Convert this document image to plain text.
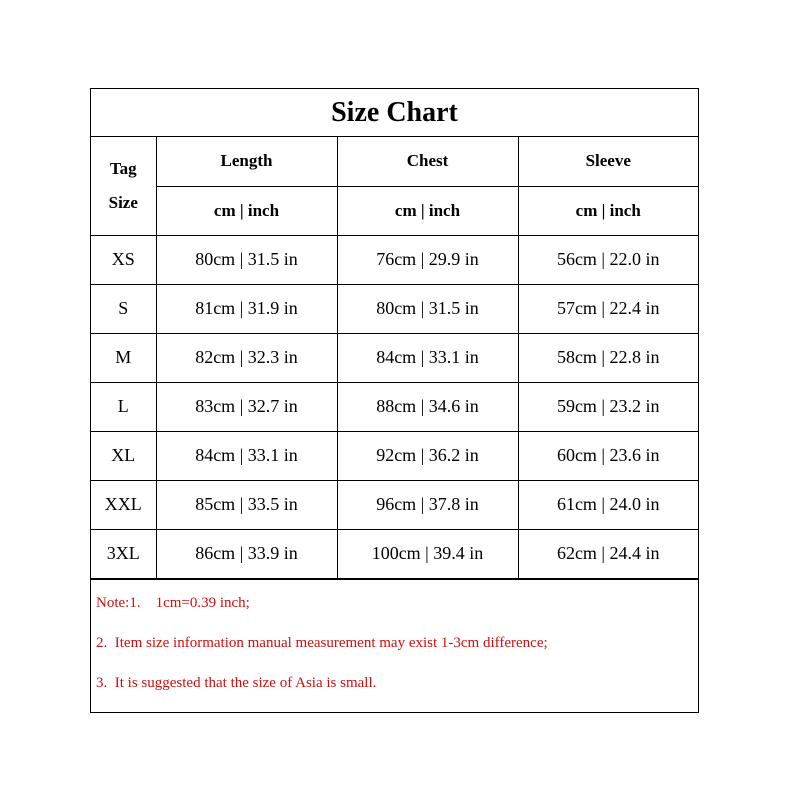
Size Chart
Tag
Size	Length	Chest	Sleeve
	cm | inch	cm | inch	cm | inch
XS	80cm | 31.5 in	76cm | 29.9 in	56cm | 22.0 in
S	81cm | 31.9 in	80cm | 31.5 in	57cm | 22.4 in
M	82cm | 32.3 in	84cm | 33.1 in	58cm | 22.8 in
L	83cm | 32.7 in	88cm | 34.6 in	59cm | 23.2 in
XL	84cm | 33.1 in	92cm | 36.2 in	60cm | 23.6 in
XXL	85cm | 33.5 in	96cm | 37.8 in	61cm | 24.0 in
3XL	86cm | 33.9 in	100cm | 39.4 in	62cm | 24.4 in

Note:1.    1cm=0.39 inch;

2.  Item size information manual measurement may exist 1-3cm difference;

3.  It is suggested that the size of Asia is small.
